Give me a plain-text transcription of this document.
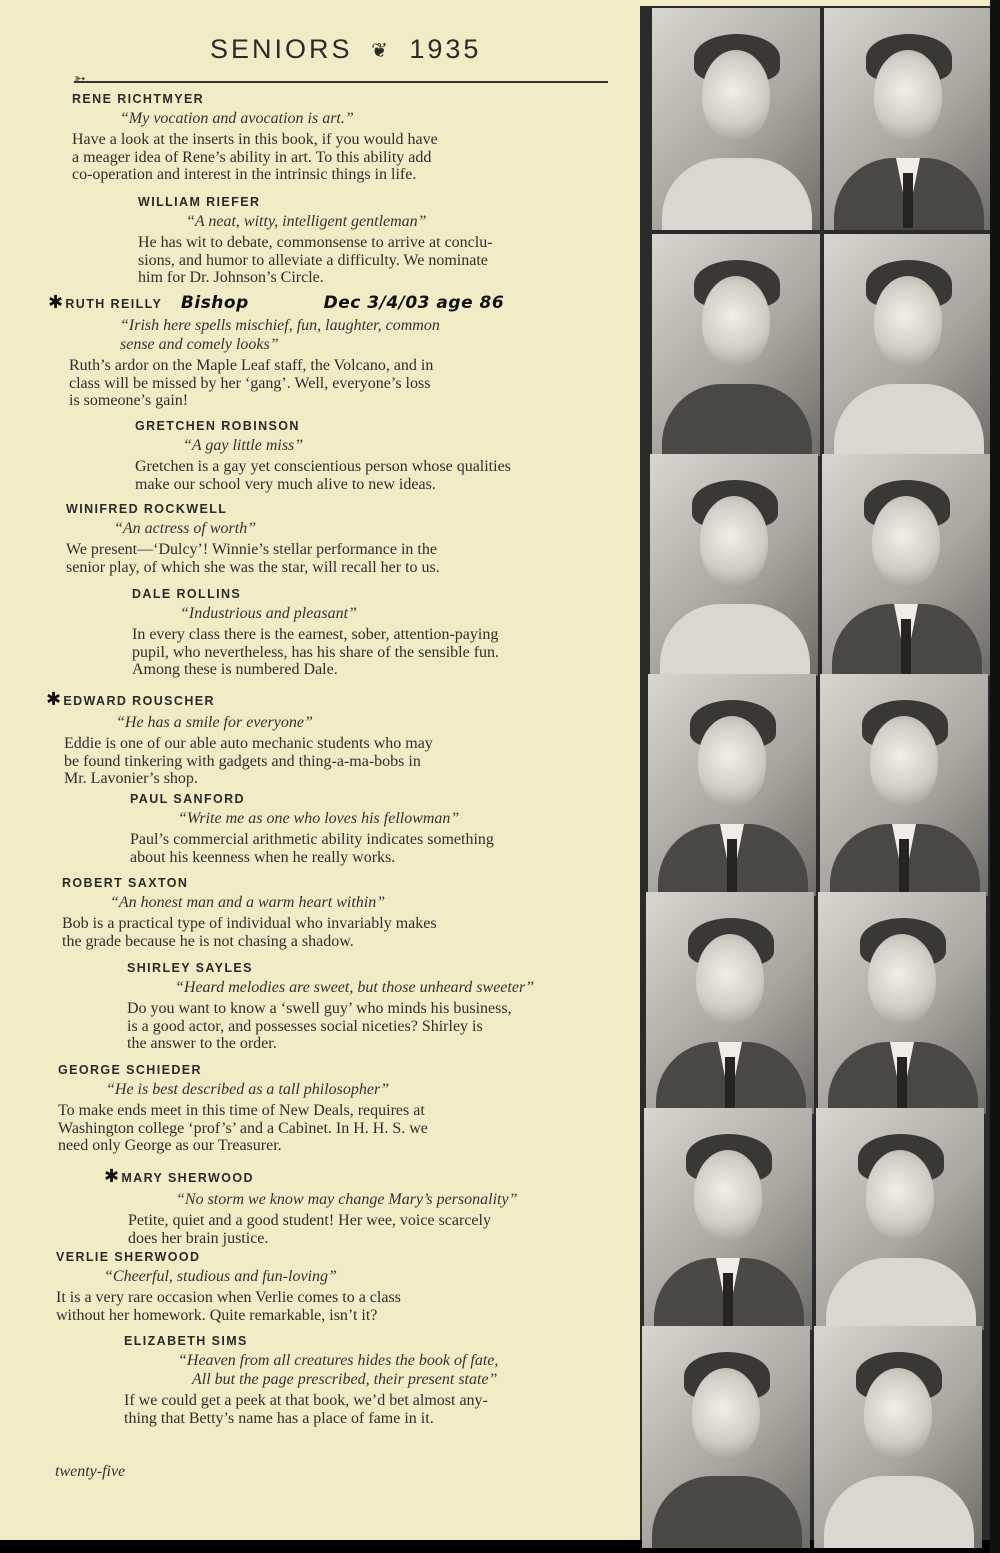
SENIORS ❦ 1935
➳
RENE RICHTMYER
“My vocation and avocation is art.”
Have a look at the inserts in this book, if you would have
a meager idea of Rene’s ability in art. To this ability add
co-operation and interest in the intrinsic things in life.
WILLIAM RIEFER
“A neat, witty, intelligent gentleman”
He has wit to debate, commonsense to arrive at conclu-
sions, and humor to alleviate a difficulty. We nominate
him for Dr. Johnson’s Circle.
✱ RUTH REILLY Bishop	Dec 3/4/03 age 86
“Irish here spells mischief, fun, laughter, common
sense and comely looks”
Ruth’s ardor on the Maple Leaf staff, the Volcano, and in
class will be missed by her ‘gang’. Well, everyone’s loss
is someone’s gain!
GRETCHEN ROBINSON
“A gay little miss”
Gretchen is a gay yet conscientious person whose qualities
make our school very much alive to new ideas.
WINIFRED ROCKWELL
“An actress of worth”
We present—‘Dulcy’! Winnie’s stellar performance in the
senior play, of which she was the star, will recall her to us.
DALE ROLLINS
“Industrious and pleasant”
In every class there is the earnest, sober, attention-paying
pupil, who nevertheless, has his share of the sensible fun.
Among these is numbered Dale.
✱ EDWARD ROUSCHER
“He has a smile for everyone”
Eddie is one of our able auto mechanic students who may
be found tinkering with gadgets and thing-a-ma-bobs in
Mr. Lavonier’s shop.
PAUL SANFORD
“Write me as one who loves his fellowman”
Paul’s commercial arithmetic ability indicates something
about his keenness when he really works.
ROBERT SAXTON
“An honest man and a warm heart within”
Bob is a practical type of individual who invariably makes
the grade because he is not chasing a shadow.
SHIRLEY SAYLES
“Heard melodies are sweet, but those unheard sweeter”
Do you want to know a ‘swell guy’ who minds his business,
is a good actor, and possesses social niceties? Shirley is
the answer to the order.
GEORGE SCHIEDER
“He is best described as a tall philosopher”
To make ends meet in this time of New Deals, requires at
Washington college ‘prof’s’ and a Cabinet. In H. H. S. we
need only George as our Treasurer.
✱ MARY SHERWOOD
“No storm we know may change Mary’s personality”
Petite, quiet and a good student! Her wee, voice scarcely
does her brain justice.
VERLIE SHERWOOD
“Cheerful, studious and fun-loving”
It is a very rare occasion when Verlie comes to a class
without her homework. Quite remarkable, isn’t it?
ELIZABETH SIMS
“Heaven from all creatures hides the book of fate,
All but the page prescribed, their present state”
If we could get a peek at that book, we’d bet almost any-
thing that Betty’s name has a place of fame in it.
twenty-five
